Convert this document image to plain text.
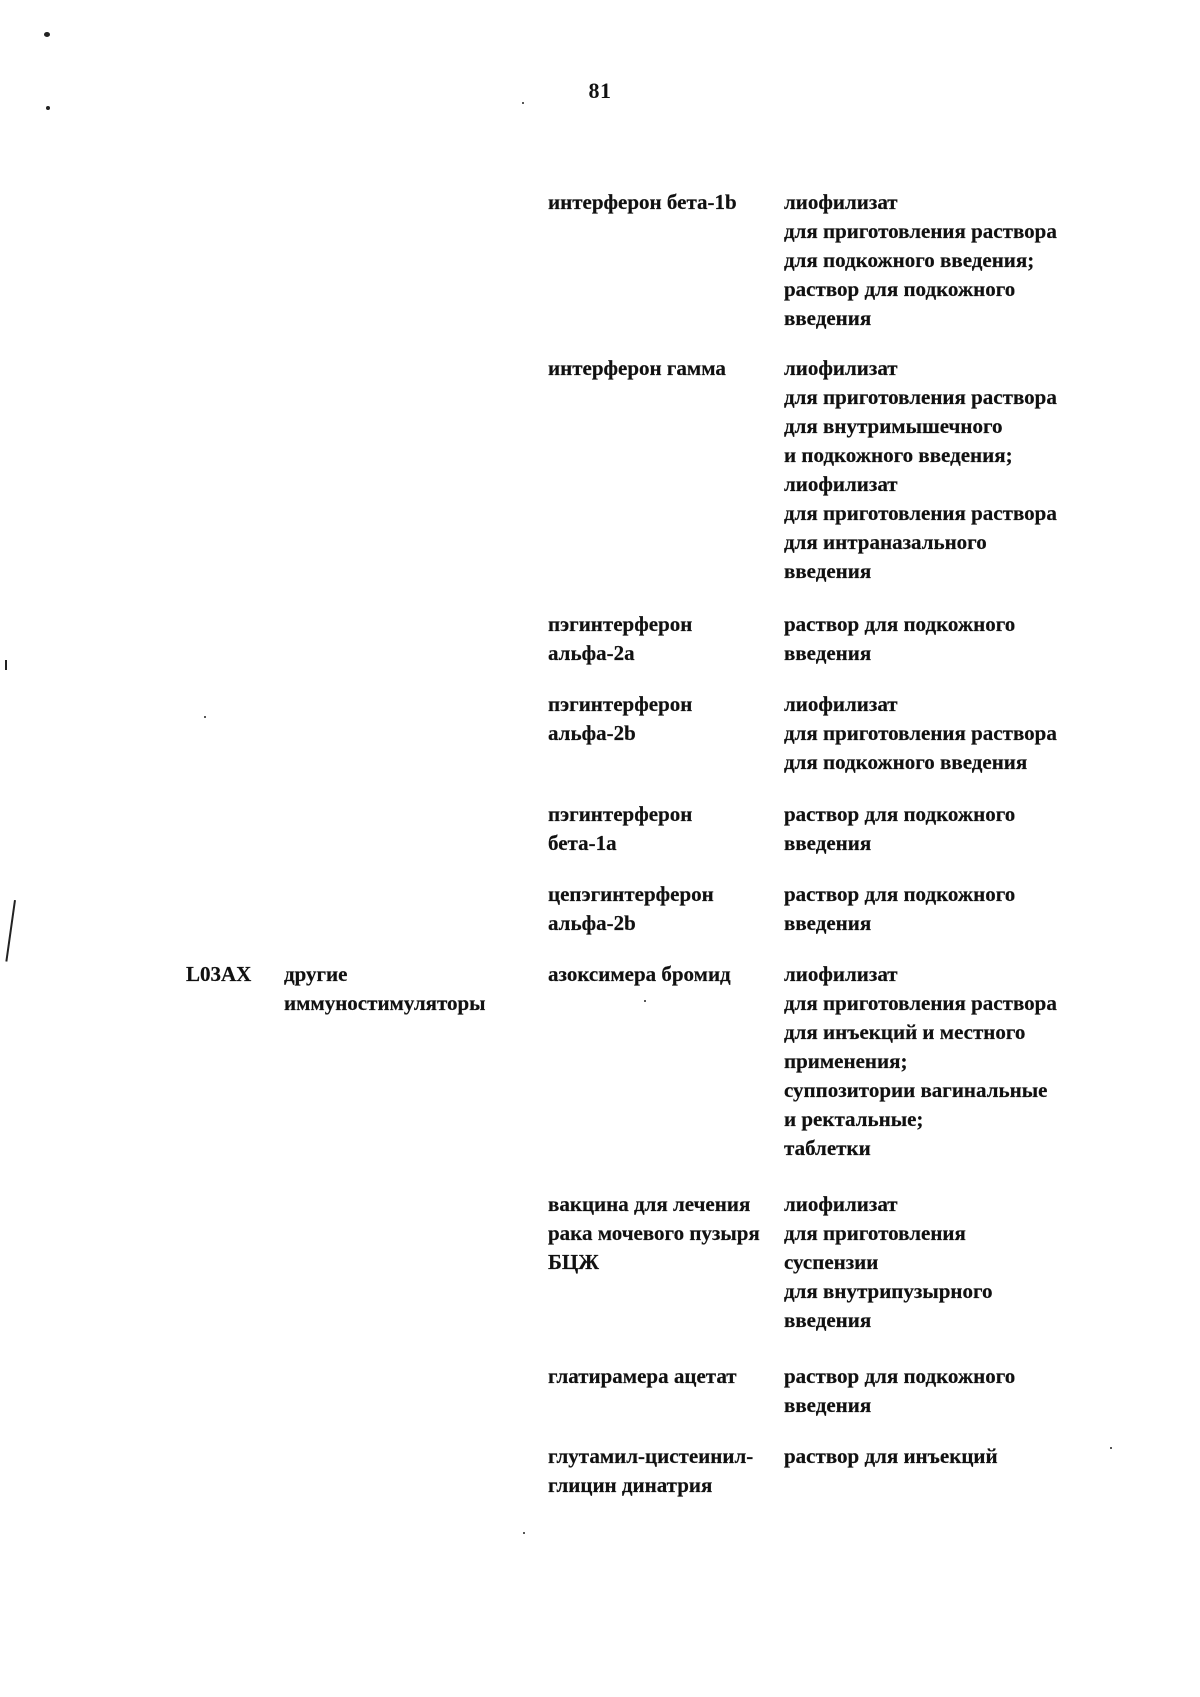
81
интерферон бета-1b лиофилизат
для приготовления раствора
для подкожного введения;
раствор для подкожного
введения
интерферон гамма	лиофилизат
для приготовления раствора
для внутримышечного
и подкожного введения;
лиофилизат
для приготовления раствора
для интраназального
введения
пэгинтерферон
альфа-2а
раствор для подкожного
введения
пэгинтерферон
альфа-2b
лиофилизат
для приготовления раствора
для подкожного введения
пэгинтерферон
бета-1а
раствор для подкожного
введения
цепэгинтерферон
альфа-2b
раствор для подкожного
введения
L03AX другие
иммуностимуляторы
азоксимера бромид	лиофилизат
для приготовления раствора
для инъекций и местного
применения;
суппозитории вагинальные
и ректальные;
таблетки
вакцина для лечения
рака мочевого пузыря
БЦЖ
лиофилизат
для приготовления
суспензии
для внутрипузырного
введения
глатирамера ацетат раствор для подкожного
введения
глутамил-цистеинил-
глицин динатрия
раствор для инъекций
